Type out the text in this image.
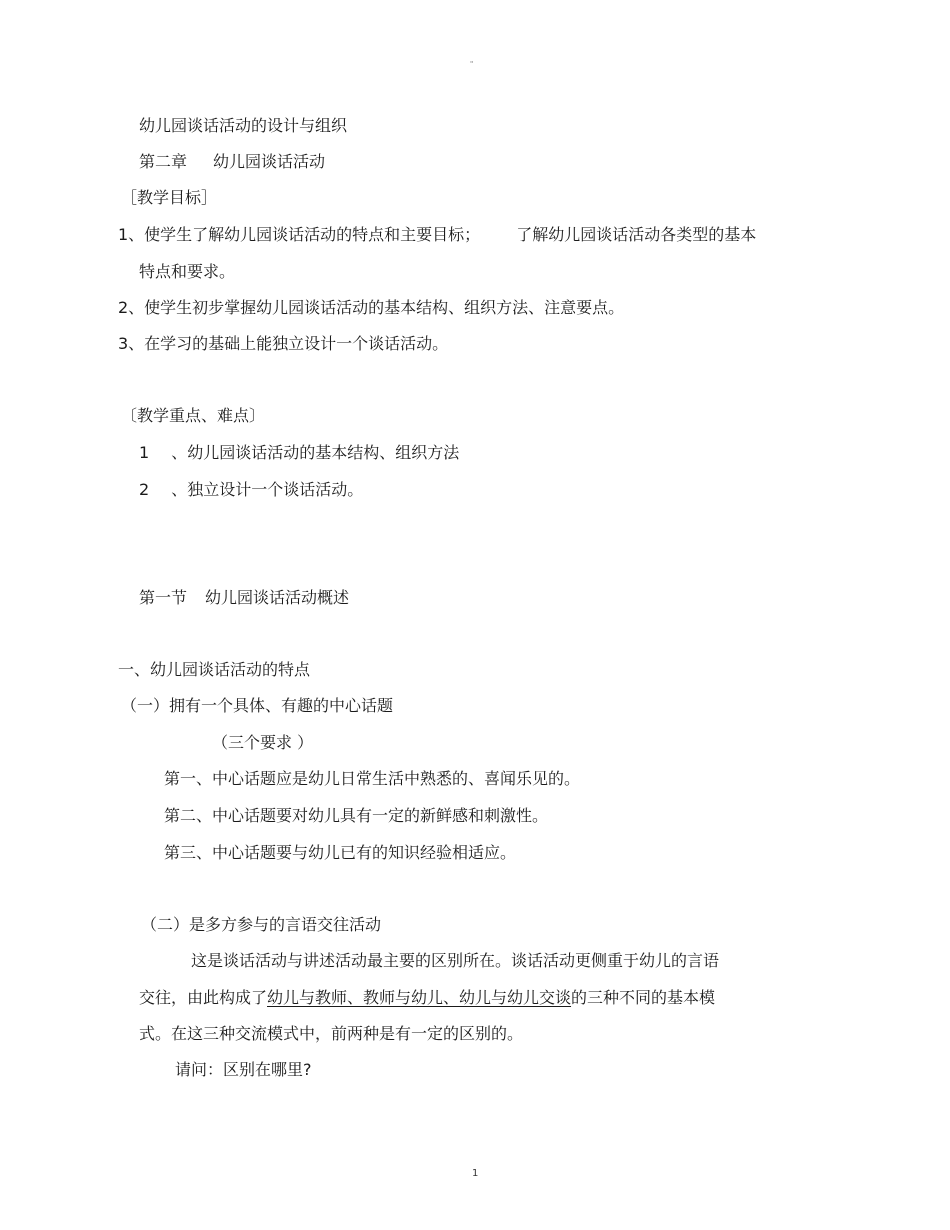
"
幼儿园谈话活动的设计与组织
第二章 幼儿园谈话活动
［教学目标］
1、使学生了解幼儿园谈话活动的特点和主要目标； 了解幼儿园谈话活动各类型的基本
特点和要求。
2、使学生初步掌握幼儿园谈话活动的基本结构、组织方法、注意要点。
3、在学习的基础上能独立设计一个谈话活动。
〔教学重点、难点〕
1 、幼儿园谈话活动的基本结构、组织方法
2 、独立设计一个谈话活动。
第一节 幼儿园谈话活动概述
一、幼儿园谈话活动的特点
（一）拥有一个具体、有趣的中心话题
（三个要求 ）
第一、中心话题应是幼儿日常生活中熟悉的、喜闻乐见的。
第二、中心话题要对幼儿具有一定的新鲜感和刺激性。
第三、中心话题要与幼儿已有的知识经验相适应。
（二）是多方参与的言语交往活动
这是谈话活动与讲述活动最主要的区别所在。谈话活动更侧重于幼儿的言语
交往，由此构成了幼儿与教师、教师与幼儿、幼儿与幼儿交谈的三种不同的基本模
式。在这三种交流模式中，前两种是有一定的区别的。
请问：区别在哪里?
1
